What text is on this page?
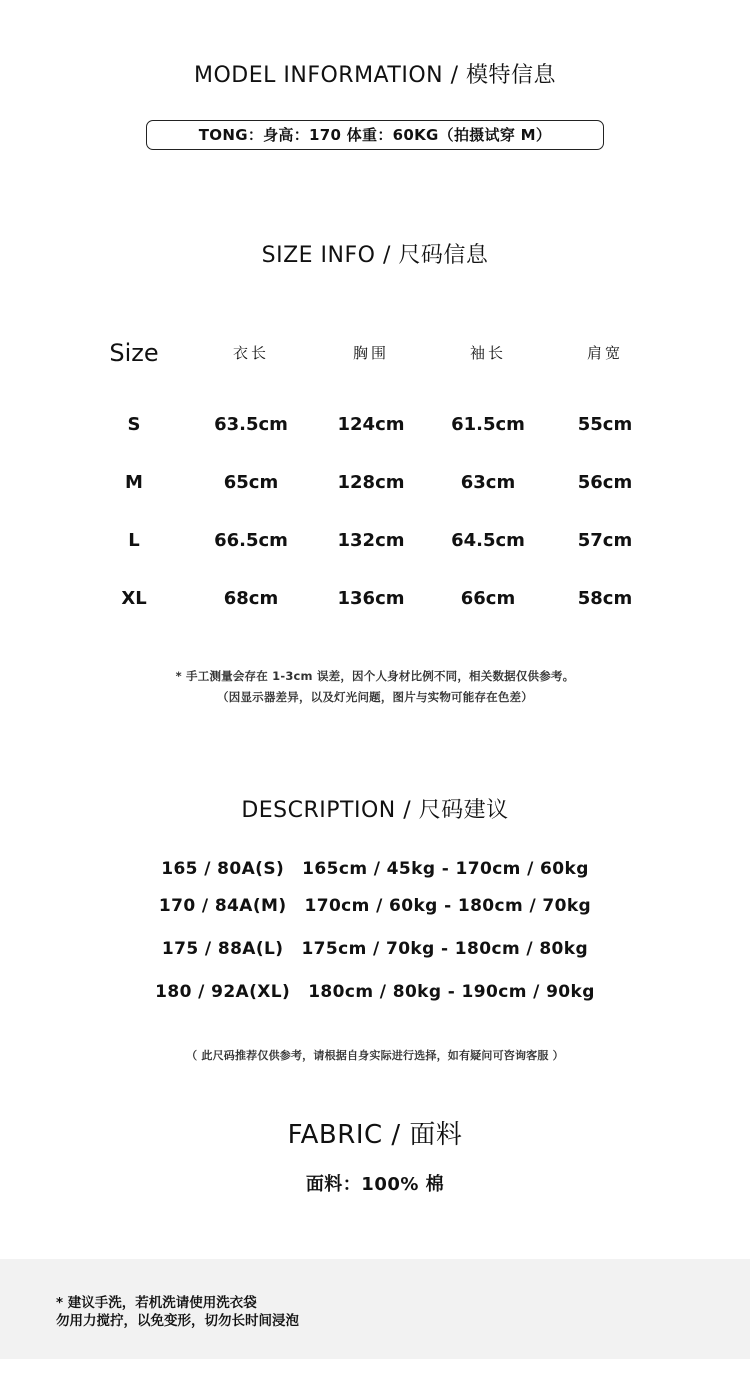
MODEL INFORMATION / 模特信息
TONG：身高：170 体重：60KG（拍摄试穿 M）
SIZE INFO / 尺码信息
Size	衣长	胸围	袖长	肩宽
S	63.5cm	124cm	61.5cm	55cm
M	65cm	128cm	63cm	56cm
L	66.5cm	132cm	64.5cm	57cm
XL	68cm	136cm	66cm	58cm
* 手工测量会存在 1-3cm 误差，因个人身材比例不同，相关数据仅供参考。
（因显示器差异，以及灯光问题，图片与实物可能存在色差）
DESCRIPTION / 尺码建议
165 / 80A(S) 165cm / 45kg - 170cm / 60kg
170 / 84A(M) 170cm / 60kg - 180cm / 70kg
175 / 88A(L) 175cm / 70kg - 180cm / 80kg
180 / 92A(XL) 180cm / 80kg - 190cm / 90kg
（ 此尺码推荐仅供参考，请根据自身实际进行选择，如有疑问可咨询客服 ）
FABRIC / 面料
面料：100% 棉
* 建议手洗，若机洗请使用洗衣袋
勿用力搅拧，以免变形，切勿长时间浸泡
